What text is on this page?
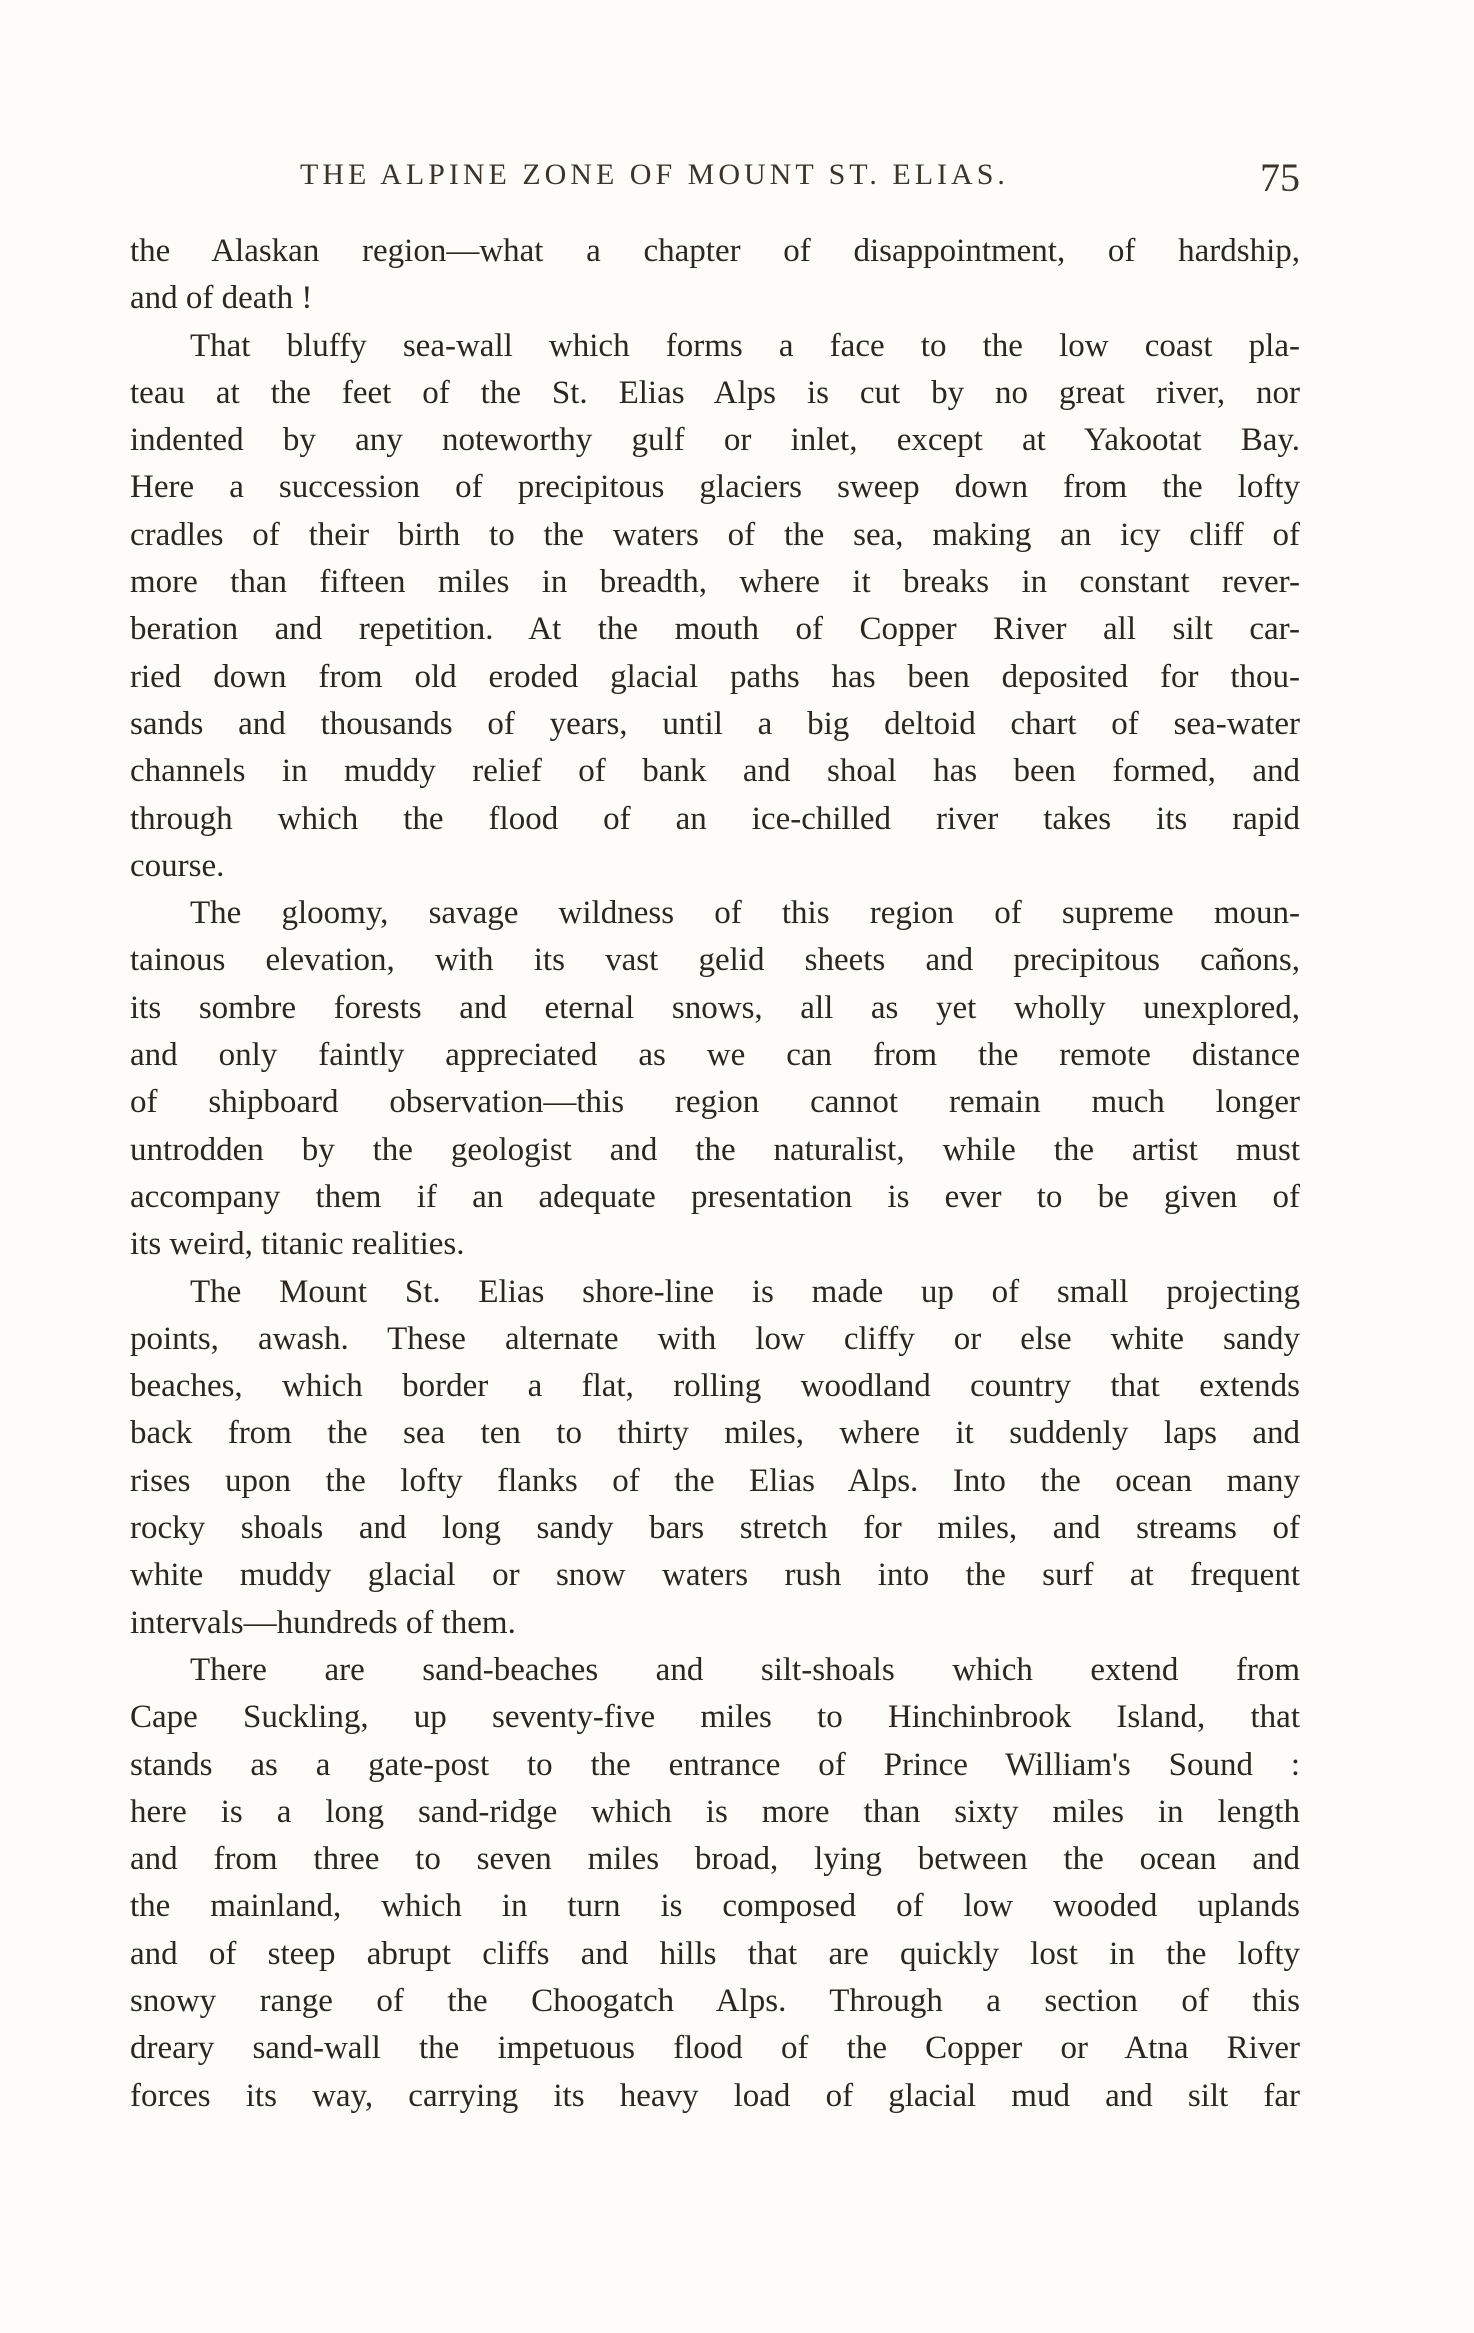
THE ALPINE ZONE OF MOUNT ST. ELIAS.	75
the Alaskan region—what a chapter of disappointment, of hardship,
and of death !
That bluffy sea-wall which forms a face to the low coast pla-
teau at the feet of the St. Elias Alps is cut by no great river, nor
indented by any noteworthy gulf or inlet, except at Yakootat Bay.
Here a succession of precipitous glaciers sweep down from the lofty
cradles of their birth to the waters of the sea, making an icy cliff of
more than fifteen miles in breadth, where it breaks in constant rever-
beration and repetition. At the mouth of Copper River all silt car-
ried down from old eroded glacial paths has been deposited for thou-
sands and thousands of years, until a big deltoid chart of sea-water
channels in muddy relief of bank and shoal has been formed, and
through which the flood of an ice-chilled river takes its rapid
course.
The gloomy, savage wildness of this region of supreme moun-
tainous elevation, with its vast gelid sheets and precipitous cañons,
its sombre forests and eternal snows, all as yet wholly unexplored,
and only faintly appreciated as we can from the remote distance
of shipboard observation—this region cannot remain much longer
untrodden by the geologist and the naturalist, while the artist must
accompany them if an adequate presentation is ever to be given of
its weird, titanic realities.
The Mount St. Elias shore-line is made up of small projecting
points, awash. These alternate with low cliffy or else white sandy
beaches, which border a flat, rolling woodland country that extends
back from the sea ten to thirty miles, where it suddenly laps and
rises upon the lofty flanks of the Elias Alps. Into the ocean many
rocky shoals and long sandy bars stretch for miles, and streams of
white muddy glacial or snow waters rush into the surf at frequent
intervals—hundreds of them.
There are sand-beaches and silt-shoals which extend from
Cape Suckling, up seventy-five miles to Hinchinbrook Island, that
stands as a gate-post to the entrance of Prince William's Sound :
here is a long sand-ridge which is more than sixty miles in length
and from three to seven miles broad, lying between the ocean and
the mainland, which in turn is composed of low wooded uplands
and of steep abrupt cliffs and hills that are quickly lost in the lofty
snowy range of the Choogatch Alps. Through a section of this
dreary sand-wall the impetuous flood of the Copper or Atna River
forces its way, carrying its heavy load of glacial mud and silt far
